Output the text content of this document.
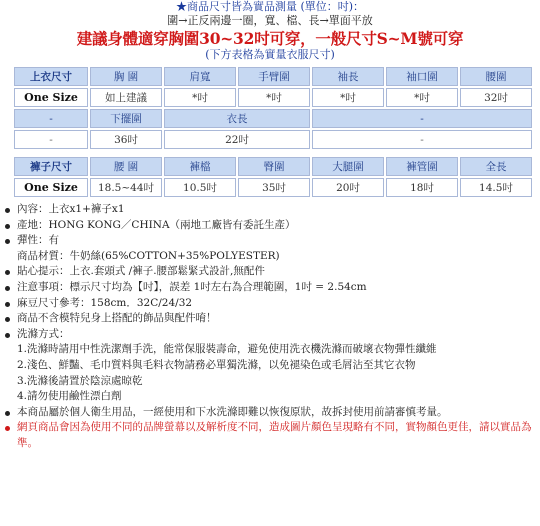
★商品尺寸皆為實品測量 (單位：吋)：
圍→正反兩邊一圈，寬、檔、長→單面平放
建議身體適穿胸圍30~32吋可穿，一般尺寸S~M號可穿
(下方表格為實量衣服尺寸)
上衣尺寸	胸 圍	肩寬	手臂圍	袖長	袖口圍	腰圍
One Size	如上建議	*吋	*吋	*吋	*吋	32吋
-	下擺圍	衣長		-		
-	36吋	22吋		-		
褲子尺寸	腰 圍	褲檔	臀圍	大腿圍	褲管圍	全長
One Size	18.5~44吋	10.5吋	35吋	20吋	18吋	14.5吋
內容：上衣x1+褲子x1
產地：HONG KONG／CHINA（兩地工廠皆有委託生產）
彈性：有
商品材質：牛奶絲(65%COTTON+35%POLYESTER)
貼心提示：上衣.套頭式 /褲子.腰部鬆緊式設計,無配件
注意事項：標示尺寸均為【吋】，誤差 1吋左右為合理範圍，1吋 = 2.54cm
麻豆尺寸參考：158cm．32C/24/32
商品不含模特兒身上搭配的飾品與配件唷！
洗滌方式：
1.洗滌時請用中性洗潔劑手洗，能常保服裝壽命，避免使用洗衣機洗滌而破壞衣物彈性纖維
2.淺色、鮮豔、毛巾質料與毛料衣物請務必單獨洗滌，以免褪染色或毛屑沾至其它衣物
3.洗滌後請置於陰涼處晾乾
4.請勿使用鹼性漂白劑
本商品屬於個人衛生用品，一經使用和下水洗滌即難以恢復原狀，故拆封使用前請審慎考量。
網頁商品會因為使用不同的品牌螢幕以及解析度不同，造成圖片顏色呈現略有不同，實物顏色更佳，請以實品為準。
